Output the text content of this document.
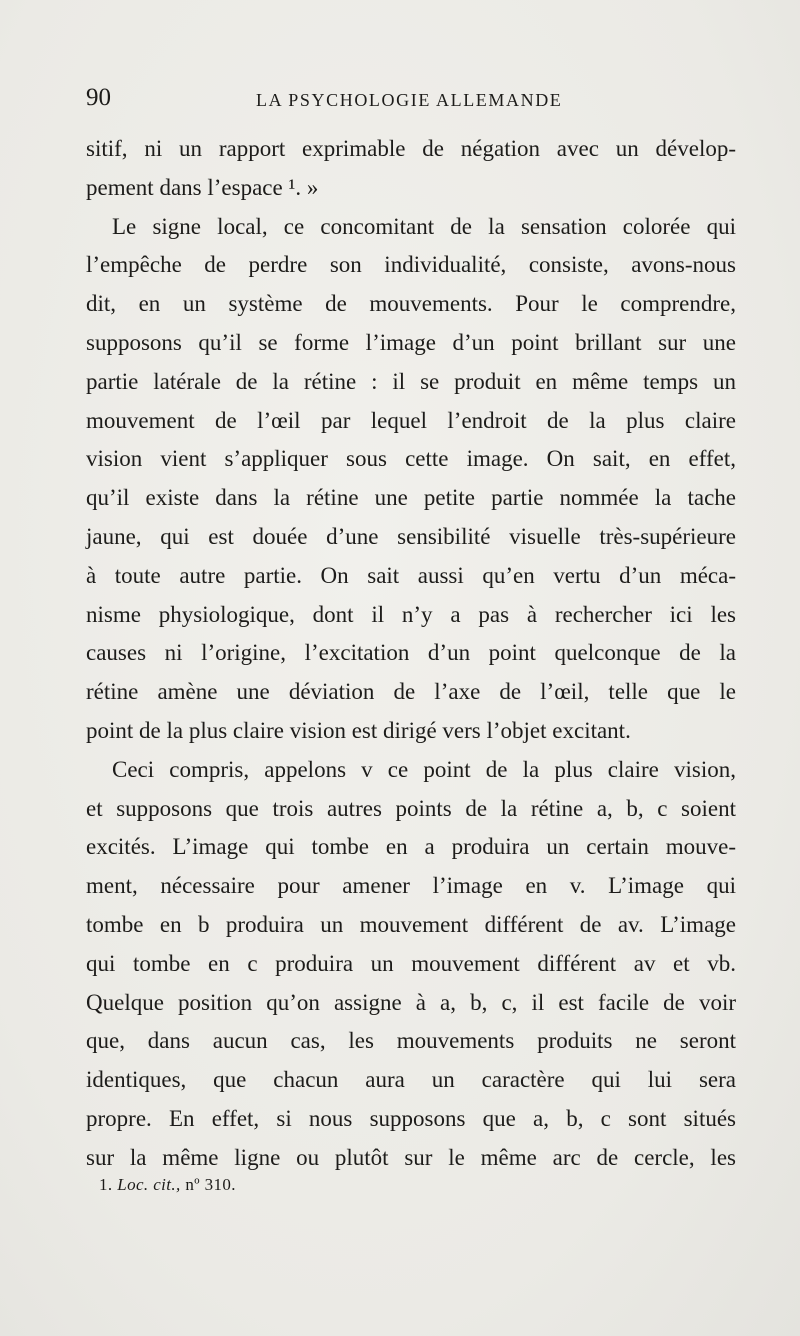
90	LA PSYCHOLOGIE ALLEMANDE
sitif, ni un rapport exprimable de négation avec un dévelop-
pement dans l’espace ¹. »
Le signe local, ce concomitant de la sensation colorée qui
l’empêche de perdre son individualité, consiste, avons-nous
dit, en un système de mouvements. Pour le comprendre,
supposons qu’il se forme l’image d’un point brillant sur une
partie latérale de la rétine : il se produit en même temps un
mouvement de l’œil par lequel l’endroit de la plus claire
vision vient s’appliquer sous cette image. On sait, en effet,
qu’il existe dans la rétine une petite partie nommée la tache
jaune, qui est douée d’une sensibilité visuelle très-supérieure
à toute autre partie. On sait aussi qu’en vertu d’un méca-
nisme physiologique, dont il n’y a pas à rechercher ici les
causes ni l’origine, l’excitation d’un point quelconque de la
rétine amène une déviation de l’axe de l’œil, telle que le
point de la plus claire vision est dirigé vers l’objet excitant.
Ceci compris, appelons v ce point de la plus claire vision,
et supposons que trois autres points de la rétine a, b, c soient
excités. L’image qui tombe en a produira un certain mouve-
ment, nécessaire pour amener l’image en v. L’image qui
tombe en b produira un mouvement différent de av. L’image
qui tombe en c produira un mouvement différent av et vb.
Quelque position qu’on assigne à a, b, c, il est facile de voir
que, dans aucun cas, les mouvements produits ne seront
identiques, que chacun aura un caractère qui lui sera
propre. En effet, si nous supposons que a, b, c sont situés
sur la même ligne ou plutôt sur le même arc de cercle, les
1. Loc. cit., nº 310.
